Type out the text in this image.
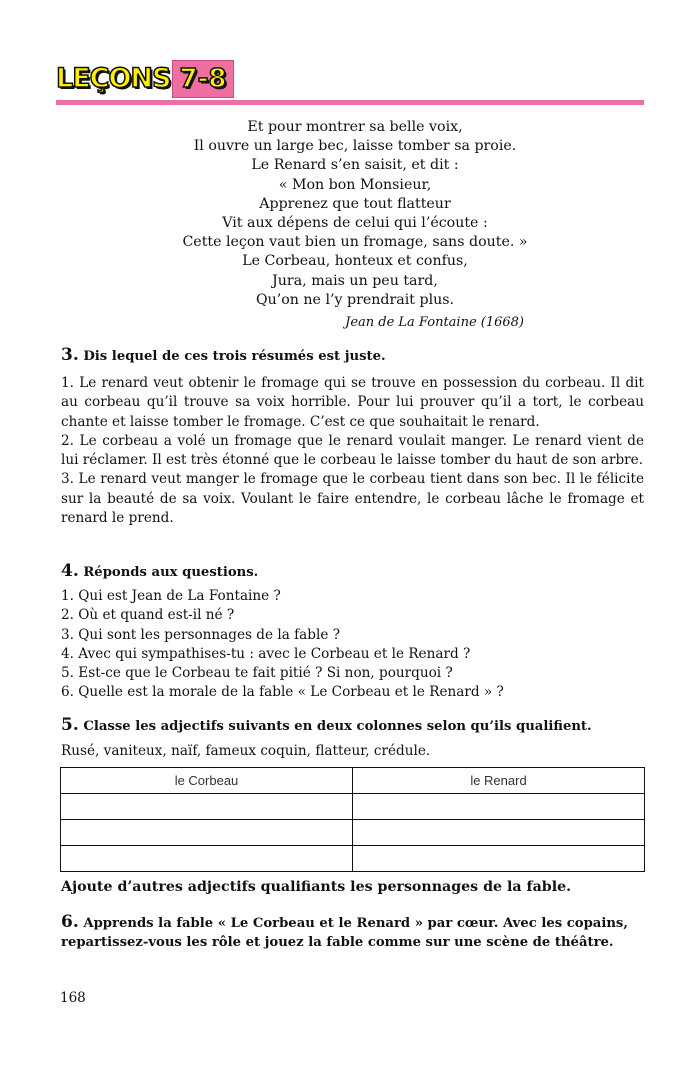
LEÇONS 7-8
Et pour montrer sa belle voix,
Il ouvre un large bec, laisse tomber sa proie.
Le Renard s’en saisit, et dit :
« Mon bon Monsieur,
Apprenez que tout flatteur
Vit aux dépens de celui qui l’écoute :
Cette leçon vaut bien un fromage, sans doute. »
Le Corbeau, honteux et confus,
Jura, mais un peu tard,
Qu’on ne l’y prendrait plus.
Jean de La Fontaine (1668)
3. Dis lequel de ces trois résumés est juste.

1. Le renard veut obtenir le fromage qui se trouve en possession du corbeau. Il dit au corbeau qu’il trouve sa voix horrible. Pour lui prouver qu’il a tort, le corbeau chante et laisse tomber le fromage. C’est ce que souhaitait le renard.

2. Le corbeau a volé un fromage que le renard voulait manger. Le renard vient de lui réclamer. Il est très étonné que le corbeau le laisse tomber du haut de son arbre.

3. Le renard veut manger le fromage que le corbeau tient dans son bec. Il le félicite sur la beauté de sa voix. Voulant le faire entendre, le corbeau lâche le fromage et renard le prend.

4. Réponds aux questions.
1. Qui est Jean de La Fontaine ?
2. Où et quand est-il né ?
3. Qui sont les personnages de la fable ?
4. Avec qui sympathises-tu : avec le Corbeau et le Renard ?
5. Est-ce que le Corbeau te fait pitié ? Si non, pourquoi ?
6. Quelle est la morale de la fable « Le Corbeau et le Renard » ?
5. Classe les adjectifs suivants en deux colonnes selon qu’ils qualifient.
Rusé, vaniteux, naïf, fameux coquin, flatteur, crédule.
le Corbeau	le Renard

Ajoute d’autres adjectifs qualifiants les personnages de la fable.
6. Apprends la fable « Le Corbeau et le Renard » par cœur. Avec les copains,
repartissez-vous les rôle et jouez la fable comme sur une scène de théâtre.
168
